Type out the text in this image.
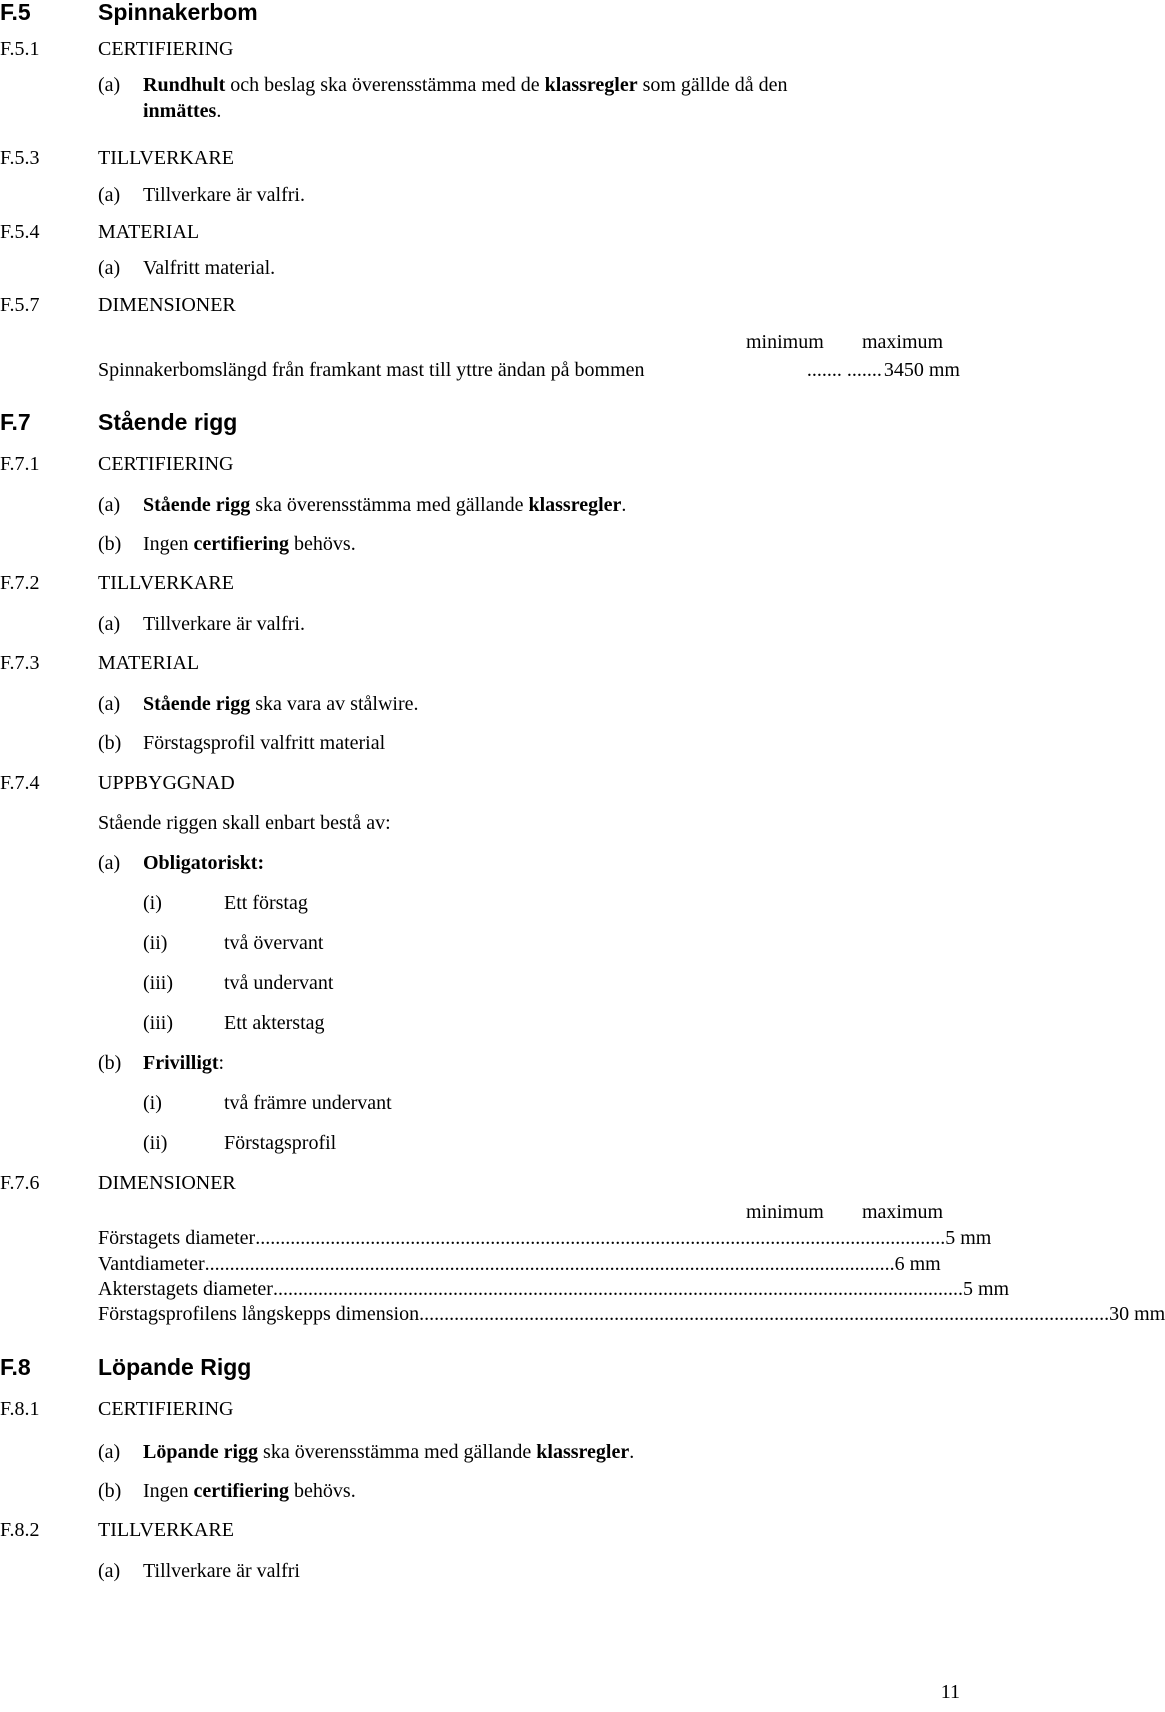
F.5	Spinnakerbom
F.5.1	CERTIFIERING
(a) Rundhult och beslag ska överensstämma med de klassregler som gällde då den
inmättes.
F.5.3	TILLVERKARE
(a) Tillverkare är valfri.
F.5.4	MATERIAL
(a) Valfritt material.
F.5.7	DIMENSIONER
minimum maximum
Spinnakerbomslängd från framkant mast till yttre ändan på bommen	....... ....... 3450 mm
F.7	Stående rigg
F.7.1	CERTIFIERING
(a) Stående rigg ska överensstämma med gällande klassregler.
(b) Ingen certifiering behövs.
F.7.2	TILLVERKARE
(a) Tillverkare är valfri.
F.7.3	MATERIAL
(a) Stående rigg ska vara av stålwire.
(b) Förstagsprofil valfritt material
F.7.4	UPPBYGGNAD
Stående riggen skall enbart bestå av:
(a) Obligatoriskt:
(i)	Ett förstag
(ii)	två övervant
(iii)	två undervant
(iii)	Ett akterstag
(b) Frivilligt:
(i)	två främre undervant
(ii)	Förstagsprofil
F.7.6	DIMENSIONER
minimum maximum
Förstagets diameter .......................................................................................................................................... 5 mm
Vantdiameter .......................................................................................................................................... 6 mm
Akterstagets diameter .......................................................................................................................................... 5 mm
Förstagsprofilens långskepps dimension .......................................................................................................................................... 30 mm
F.8	Löpande Rigg
F.8.1	CERTIFIERING
(a) Löpande rigg ska överensstämma med gällande klassregler.
(b) Ingen certifiering behövs.
F.8.2	TILLVERKARE
(a) Tillverkare är valfri
11
